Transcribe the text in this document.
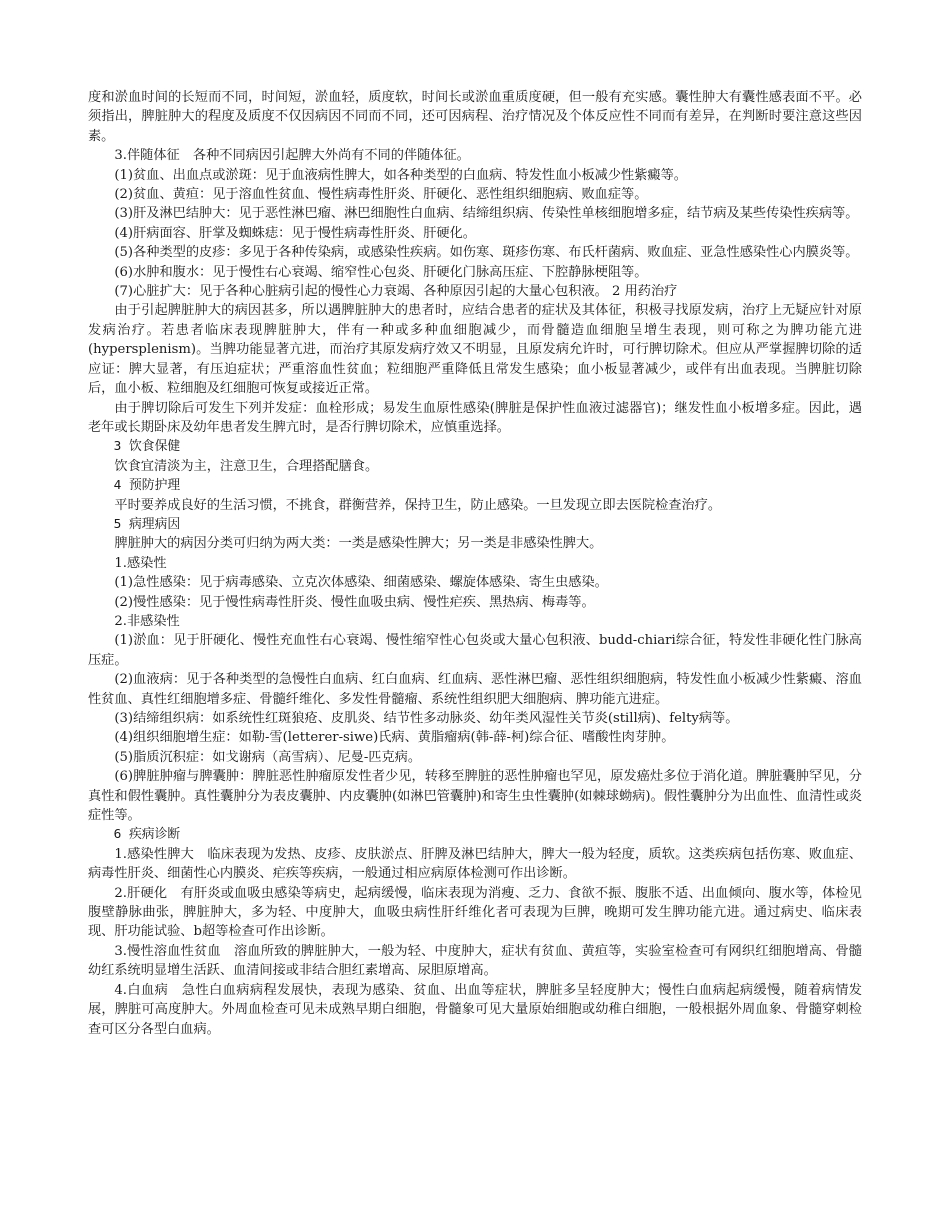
度和淤血时间的长短而不同，时间短，淤血轻，质度软，时间长或淤血重质度硬，但一般有充实感。囊性肿大有囊性感表面不平。必须指出，脾脏肿大的程度及质度不仅因病因不同而不同，还可因病程、治疗情况及个体反应性不同而有差异，在判断时要注意这些因素。

3.伴随体征　各种不同病因引起脾大外尚有不同的伴随体征。

(1)贫血、出血点或淤斑：见于血液病性脾大，如各种类型的白血病、特发性血小板减少性紫癜等。

(2)贫血、黄疸：见于溶血性贫血、慢性病毒性肝炎、肝硬化、恶性组织细胞病、败血症等。

(3)肝及淋巴结肿大：见于恶性淋巴瘤、淋巴细胞性白血病、结缔组织病、传染性单核细胞增多症，结节病及某些传染性疾病等。

(4)肝病面容、肝掌及蜘蛛痣：见于慢性病毒性肝炎、肝硬化。

(5)各种类型的皮疹：多见于各种传染病，或感染性疾病。如伤寒、斑疹伤寒、布氏杆菌病、败血症、亚急性感染性心内膜炎等。

(6)水肿和腹水：见于慢性右心衰竭、缩窄性心包炎、肝硬化门脉高压症、下腔静脉梗阻等。

(7)心脏扩大：见于各种心脏病引起的慢性心力衰竭、各种原因引起的大量心包积液。 2 用药治疗

由于引起脾脏肿大的病因甚多，所以遇脾脏肿大的患者时，应结合患者的症状及其体征，积极寻找原发病，治疗上无疑应针对原发病治疗。若患者临床表现脾脏肿大，伴有一种或多种血细胞减少，而骨髓造血细胞呈增生表现，则可称之为脾功能亢进(hypersplenism)。当脾功能显著亢进，而治疗其原发病疗效又不明显，且原发病允许时，可行脾切除术。但应从严掌握脾切除的适应证：脾大显著，有压迫症状；严重溶血性贫血；粒细胞严重降低且常发生感染；血小板显著减少，或伴有出血表现。当脾脏切除后，血小板、粒细胞及红细胞可恢复或接近正常。

由于脾切除后可发生下列并发症：血栓形成；易发生血原性感染(脾脏是保护性血液过滤器官)；继发性血小板增多症。因此，遇老年或长期卧床及幼年患者发生脾亢时，是否行脾切除术，应慎重选择。

3 饮食保健

饮食宜清淡为主，注意卫生，合理搭配膳食。

4 预防护理

平时要养成良好的生活习惯，不挑食，群衡营养，保持卫生，防止感染。一旦发现立即去医院检查治疗。

5 病理病因

脾脏肿大的病因分类可归纳为两大类：一类是感染性脾大；另一类是非感染性脾大。

1.感染性

(1)急性感染：见于病毒感染、立克次体感染、细菌感染、螺旋体感染、寄生虫感染。

(2)慢性感染：见于慢性病毒性肝炎、慢性血吸虫病、慢性疟疾、黑热病、梅毒等。

2.非感染性

(1)淤血：见于肝硬化、慢性充血性右心衰竭、慢性缩窄性心包炎或大量心包积液、budd-chiari综合征，特发性非硬化性门脉高压症。

(2)血液病：见于各种类型的急慢性白血病、红白血病、红血病、恶性淋巴瘤、恶性组织细胞病，特发性血小板减少性紫癜、溶血性贫血、真性红细胞增多症、骨髓纤维化、多发性骨髓瘤、系统性组织肥大细胞病、脾功能亢进症。

(3)结缔组织病：如系统性红斑狼疮、皮肌炎、结节性多动脉炎、幼年类风湿性关节炎(still病)、felty病等。

(4)组织细胞增生症：如勒-雪(letterer-siwe)氏病、黄脂瘤病(韩-薛-柯)综合征、嗜酸性肉芽肿。

(5)脂质沉积症：如戈谢病（高雪病）、尼曼-匹克病。

(6)脾脏肿瘤与脾囊肿：脾脏恶性肿瘤原发性者少见，转移至脾脏的恶性肿瘤也罕见，原发癌灶多位于消化道。脾脏囊肿罕见，分真性和假性囊肿。真性囊肿分为表皮囊肿、内皮囊肿(如淋巴管囊肿)和寄生虫性囊肿(如棘球蚴病)。假性囊肿分为出血性、血清性或炎症性等。

6 疾病诊断

1.感染性脾大　临床表现为发热、皮疹、皮肤淤点、肝脾及淋巴结肿大，脾大一般为轻度，质软。这类疾病包括伤寒、败血症、病毒性肝炎、细菌性心内膜炎、疟疾等疾病，一般通过相应病原体检测可作出诊断。

2.肝硬化　有肝炎或血吸虫感染等病史，起病缓慢，临床表现为消瘦、乏力、食欲不振、腹胀不适、出血倾向、腹水等，体检见腹壁静脉曲张，脾脏肿大，多为轻、中度肿大，血吸虫病性肝纤维化者可表现为巨脾，晚期可发生脾功能亢进。通过病史、临床表现、肝功能试验、b超等检查可作出诊断。

3.慢性溶血性贫血　溶血所致的脾脏肿大，一般为轻、中度肿大，症状有贫血、黄疸等，实验室检查可有网织红细胞增高、骨髓幼红系统明显增生活跃、血清间接或非结合胆红素增高、尿胆原增高。

4.白血病　急性白血病病程发展快，表现为感染、贫血、出血等症状，脾脏多呈轻度肿大；慢性白血病起病缓慢，随着病情发展，脾脏可高度肿大。外周血检查可见未成熟早期白细胞，骨髓象可见大量原始细胞或幼稚白细胞，一般根据外周血象、骨髓穿刺检查可区分各型白血病。
